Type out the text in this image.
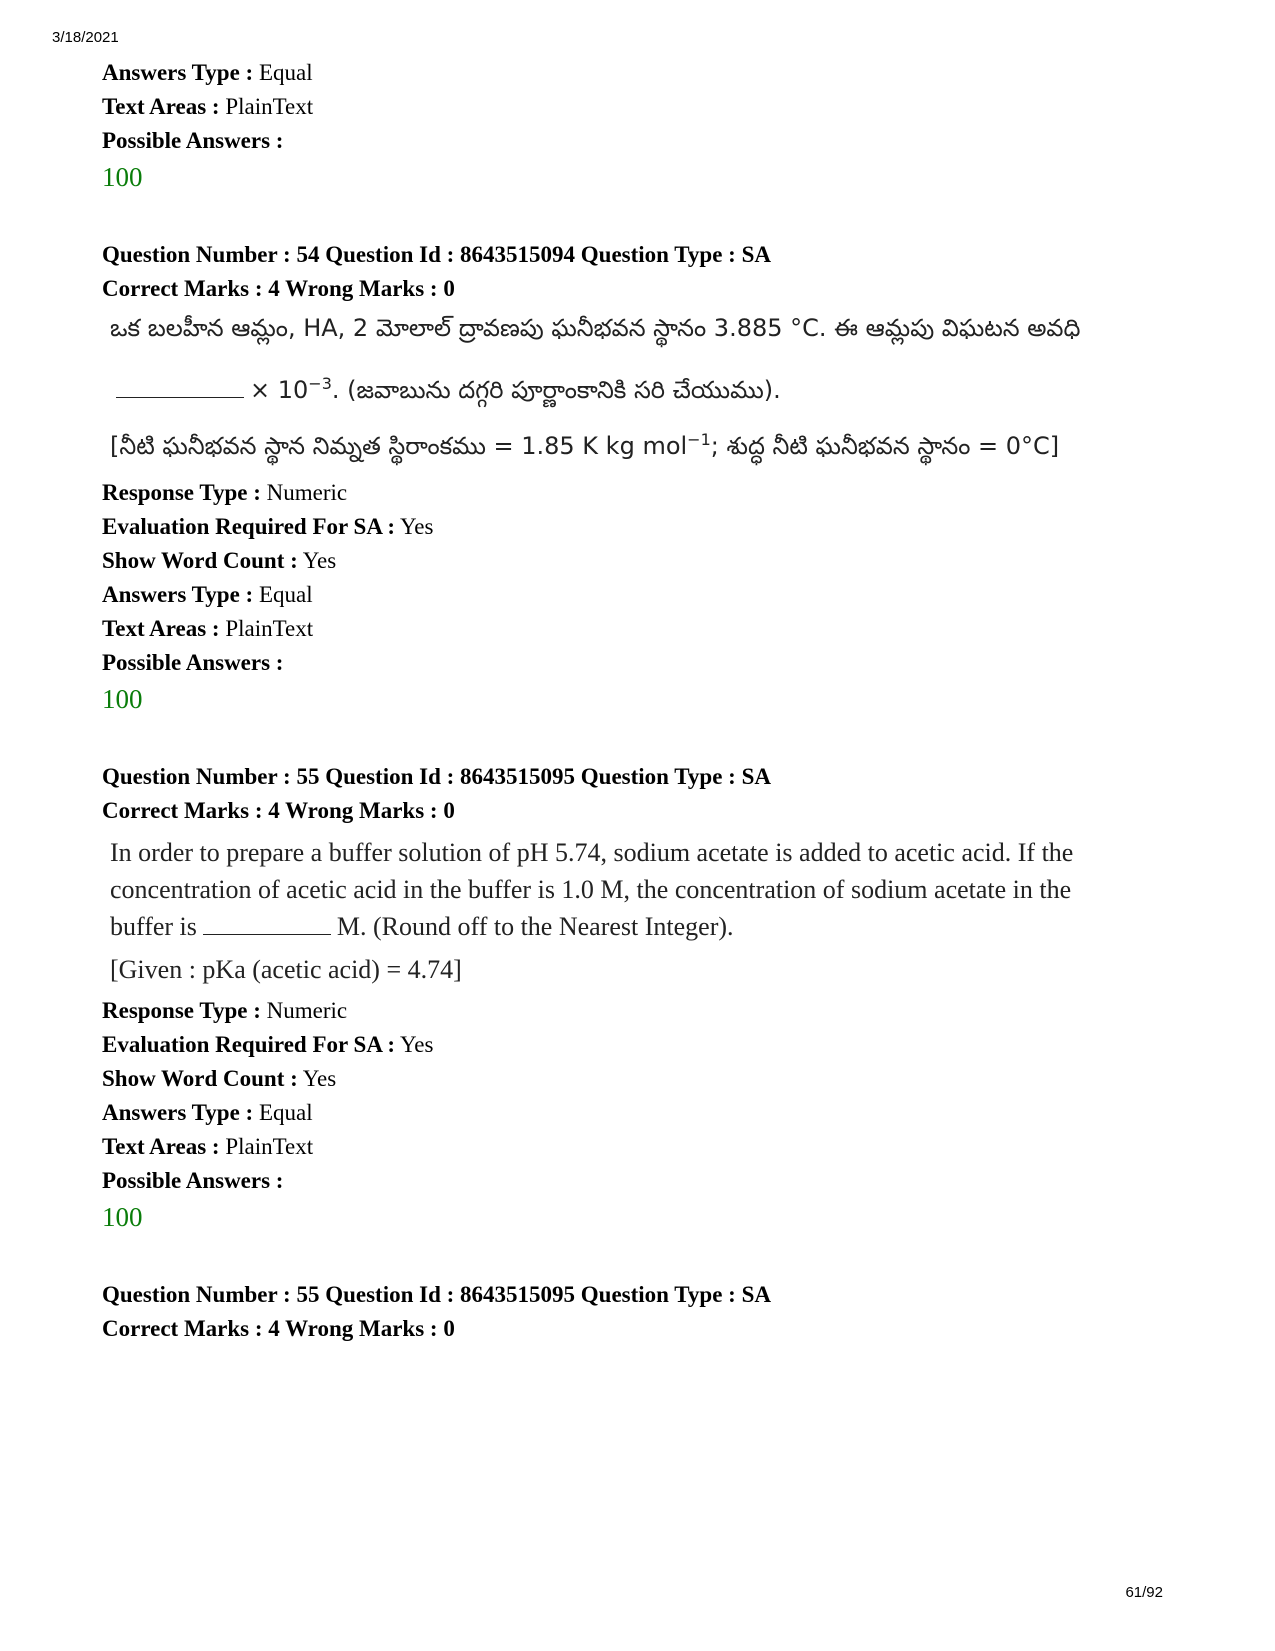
3/18/2021
Answers Type : Equal
Text Areas : PlainText
Possible Answers :
100
Question Number : 54 Question Id : 8643515094 Question Type : SA
Correct Marks : 4 Wrong Marks : 0
ఒక బలహీన ఆమ్లం, HA, 2 మోలాల్ ద్రావణపు ఘనీభవన స్థానం 3.885 °C. ఈ ఆమ్లపు విఘటన అవధి
× $10^{-3}$. (జవాబును దగ్గరి పూర్ణాంకానికి సరి చేయుము).
[నీటి ఘనీభవన స్థాన నిమ్నత స్థిరాంకము = 1.85 K kg mol$^{-1}$; శుద్ధ నీటి ఘనీభవన స్థానం = 0°C]
Response Type : Numeric
Evaluation Required For SA : Yes
Show Word Count : Yes
Answers Type : Equal
Text Areas : PlainText
Possible Answers :
100
Question Number : 55 Question Id : 8643515095 Question Type : SA
Correct Marks : 4 Wrong Marks : 0
In order to prepare a buffer solution of pH 5.74, sodium acetate is added to acetic acid. If the
concentration of acetic acid in the buffer is 1.0 M, the concentration of sodium acetate in the
buffer is	M. (Round off to the Nearest Integer).
[Given : pKa (acetic acid) = 4.74]
Response Type : Numeric
Evaluation Required For SA : Yes
Show Word Count : Yes
Answers Type : Equal
Text Areas : PlainText
Possible Answers :
100
Question Number : 55 Question Id : 8643515095 Question Type : SA
Correct Marks : 4 Wrong Marks : 0
61/92
